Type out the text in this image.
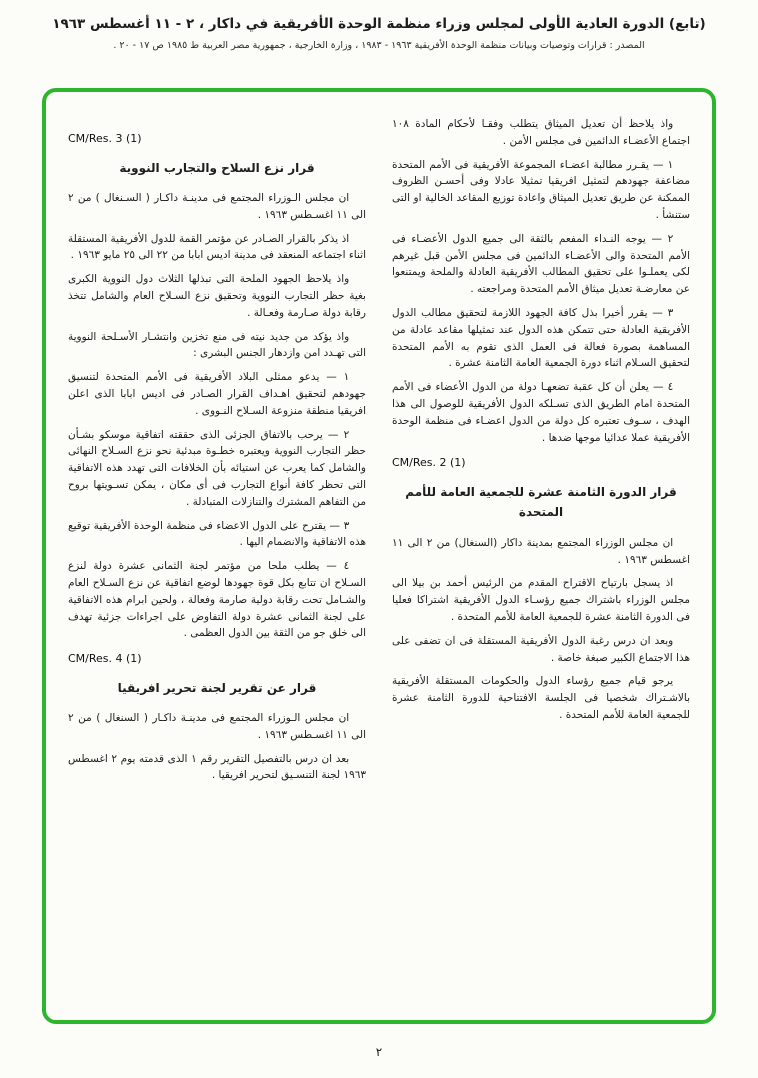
(تابع) الدورة العادية الأولى لمجلس وزراء منظمة الوحدة الأفريقية في داكار ، ٢ - ١١ أغسطس ١٩٦٣
المصدر : قرارات وتوصيات وبيانات منظمة الوحدة الأفريقية ١٩٦٣ - ١٩٨٣ ، وزارة الخارجية ، جمهورية مصر العربية ط ١٩٨٥ ص ١٧ - ٢٠ .

واذ يلاحظ أن تعديل الميثاق يتطلب وفقـا لأحكام المادة ١٠٨ اجتماع الأعضـاء الدائمين فى مجلس الأمن .

١ — يقـرر مطالبة اعضـاء المجموعة الأفريقية فى الأمم المتحدة مضاعفة جهودهم لتمثيل افريقيا تمثيلا عادلا وفى أحسـن الظروف الممكنة عن طريق تعديل الميثاق واعادة توزيع المقاعد الخالية او التى ستنشأ .

٢ — يوجه النـداء المفعم بالثقة الى جميع الدول الأعضـاء فى الأمم المتحدة والى الأعضـاء الدائمين فى مجلس الأمن قبل غيرهم لكى يعملـوا على تحقيق المطالب الأفريقية العادلة والملحة ويمتنعوا عن معارضـة تعديل ميثاق الأمم المتحدة ومراجعته .

٣ — يقرر أخيرا بذل كافة الجهود اللازمة لتحقيق مطالب الدول الأفريقية العادلة حتى تتمكن هذه الدول عند تمثيلها مقاعد عادلة من المساهمة بصورة فعالة فى العمل الذى تقوم به الأمم المتحدة لتحقيق السـلام اثناء دورة الجمعية العامة الثامنة عشرة .

٤ — يعلن أن كل عقبة تضعهـا دولة من الدول الأعضاء فى الأمم المتحدة امام الطريق الذى تسـلكه الدول الأفريقية للوصول الى هذا الهدف ، سـوف تعتبره كل دولة من الدول اعضـاء فى منظمة الوحدة الأفريقية عملا عدائيا موجها ضدها .

CM/Res. 2 (1)
قرار الدورة الثامنة عشرة للجمعية العامة للأمم المتحدة

ان مجلس الوزراء المجتمع بمدينة داكار (السنغال) من ٢ الى ١١ اغسطس ١٩٦٣ .

اذ يسجل بارتياح الاقتراح المقدم من الرئيس أحمد بن بيلا الى مجلس الوزراء باشتراك جميع رؤسـاء الدول الأفريقية اشتراكا فعليا فى الدورة الثامنة عشرة للجمعية العامة للأمم المتحدة .

وبعد ان درس رغبة الدول الأفريقية المستقلة فى ان تضفى على هذا الاجتماع الكبير صبغة خاصة .

يرجو قيام جميع رؤساء الدول والحكومات المستقلة الأفريقية بالاشـتراك شخصيا فى الجلسة الافتتاحية للدورة الثامنة عشرة للجمعية العامة للأمم المتحدة .

CM/Res. 3 (1)
قرار نزع السلاح والتجارب النووية

ان مجلس الـوزراء المجتمع فى مدينـة داكـار ( السـنغال ) من ٢ الى ١١ اغسـطس ١٩٦٣ .

اذ يذكر بالقرار الصـادر عن مؤتمر القمة للدول الأفريقية المستقلة اثناء اجتماعه المنعقد فى مدينة اديس ابابا من ٢٢ الى ٢٥ مايو ١٩٦٣ .

واذ يلاحظ الجهود الملحة التى تبذلها الثلاث دول النووية الكبرى بغية حظر التجارب النووية وتحقيق نزع السـلاح العام والشامل تتخذ رقابة دولة صـارمة وفعـالة .

واذ يؤكد من جديد نيته فى منع تخزين وانتشـار الأسـلحة النووية التى تهـدد امن وازدهار الجنس البشرى :

١ — يدعو ممثلى البلاد الأفريقية فى الأمم المتحدة لتنسيق جهودهم لتحقيق اهـداف القرار الصـادر فى اديس ابابا الذى اعلن افريقيا منطقة منزوعة السـلاح النـووى .

٢ — يرحب بالاتفاق الجزئى الذى حققته اتفاقية موسكو بشـأن حظر التجارب النووية ويعتبره خطـوة مبدئية نحو نزع السـلاح النهائى والشامل كما يعرب عن استيائه بأن الخلافات التى تهدد هذه الاتفاقية التى تحظر كافة أنواع التجارب فى أى مكان ، يمكن تسـويتها بروح من التفاهم المشترك والتنازلات المتبادلة .

٣ — يقترح على الدول الاعضاء فى منظمة الوحدة الأفريقية توقيع هذه الاتفاقية والانضمام اليها .

٤ — يطلب ملحا من مؤتمر لجنة الثمانى عشرة دولة لنزع السـلاح ان تتابع بكل قوة جهودها لوضع اتفاقية عن نزع السـلاح العام والشـامل تحت رقابة دولية صارمة وفعالة ، ولحين ابرام هذه الاتفاقية على لجنة الثمانى عشرة دولة التفاوض على اجراءات جزئية تهدف الى خلق جو من الثقة بين الدول العظمى .

CM/Res. 4 (1)
قرار عن تقرير لجنة تحرير افريقيا

ان مجلس الـوزراء المجتمع فى مدينـة داكـار ( السنغال ) من ٢ الى ١١ اغسـطس ١٩٦٣ .

بعد ان درس بالتفصيل التقرير رقم ١ الذى قدمته يوم ٢ اغسطس ١٩٦٣ لجنة التنسـيق لتحرير افريقيا .

٢
